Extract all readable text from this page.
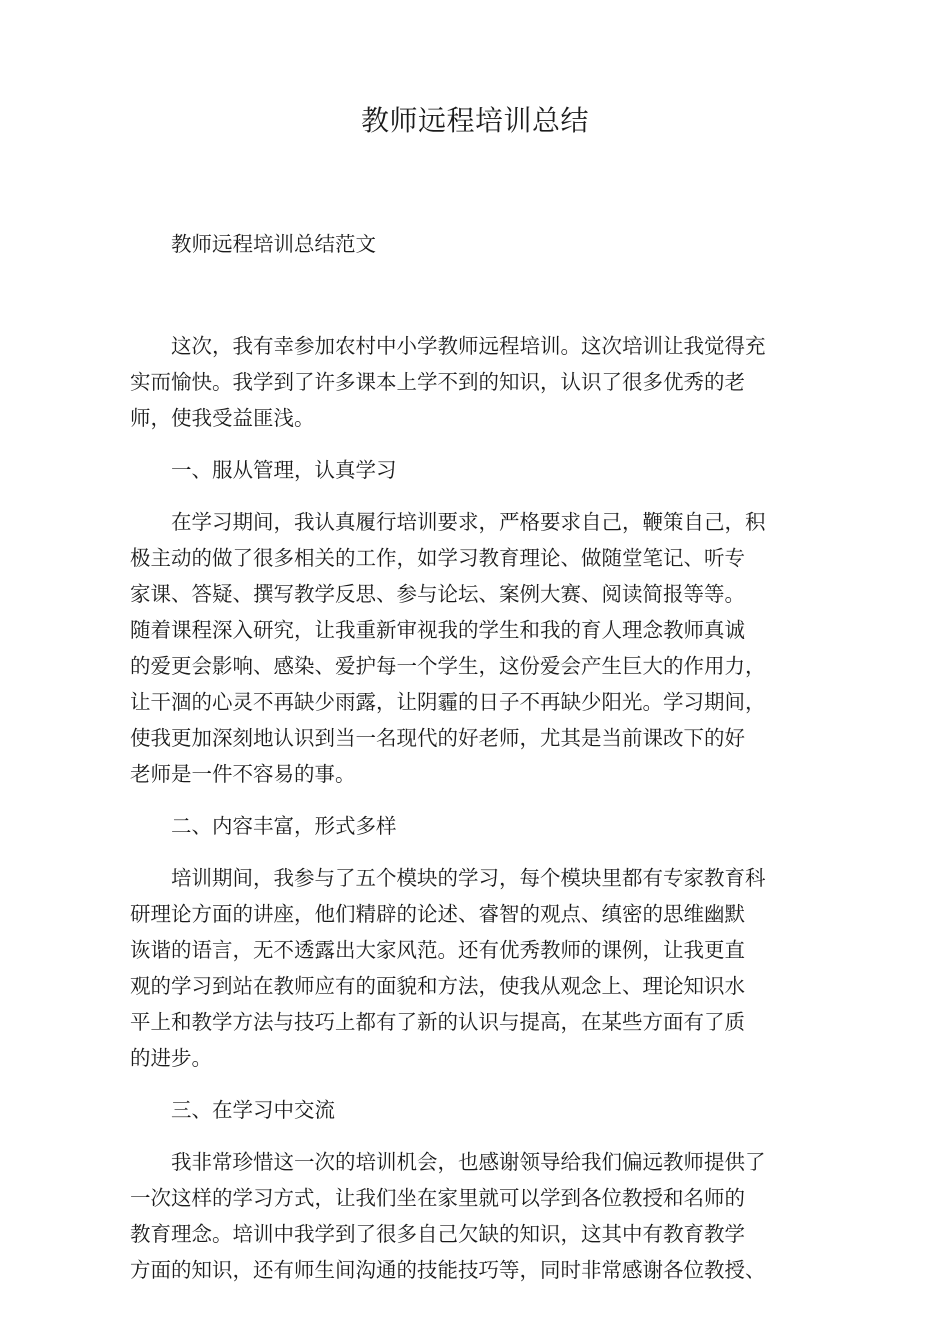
教师远程培训总结

教师远程培训总结范文

这次，我有幸参加农村中小学教师远程培训。这次培训让我觉得充
实而愉快。我学到了许多课本上学不到的知识，认识了很多优秀的老
师，使我受益匪浅。

一、服从管理，认真学习

在学习期间，我认真履行培训要求，严格要求自己，鞭策自己，积
极主动的做了很多相关的工作，如学习教育理论、做随堂笔记、听专
家课、答疑、撰写教学反思、参与论坛、案例大赛、阅读简报等等。
随着课程深入研究，让我重新审视我的学生和我的育人理念教师真诚
的爱更会影响、感染、爱护每一个学生，这份爱会产生巨大的作用力，
让干涸的心灵不再缺少雨露，让阴霾的日子不再缺少阳光。学习期间，
使我更加深刻地认识到当一名现代的好老师，尤其是当前课改下的好
老师是一件不容易的事。

二、内容丰富，形式多样

培训期间，我参与了五个模块的学习，每个模块里都有专家教育科
研理论方面的讲座，他们精辟的论述、睿智的观点、缜密的思维幽默
诙谐的语言，无不透露出大家风范。还有优秀教师的课例，让我更直
观的学习到站在教师应有的面貌和方法，使我从观念上、理论知识水
平上和教学方法与技巧上都有了新的认识与提高，在某些方面有了质
的进步。

三、在学习中交流

我非常珍惜这一次的培训机会，也感谢领导给我们偏远教师提供了
一次这样的学习方式，让我们坐在家里就可以学到各位教授和名师的
教育理念。培训中我学到了很多自己欠缺的知识，这其中有教育教学
方面的知识，还有师生间沟通的技能技巧等，同时非常感谢各位教授、
